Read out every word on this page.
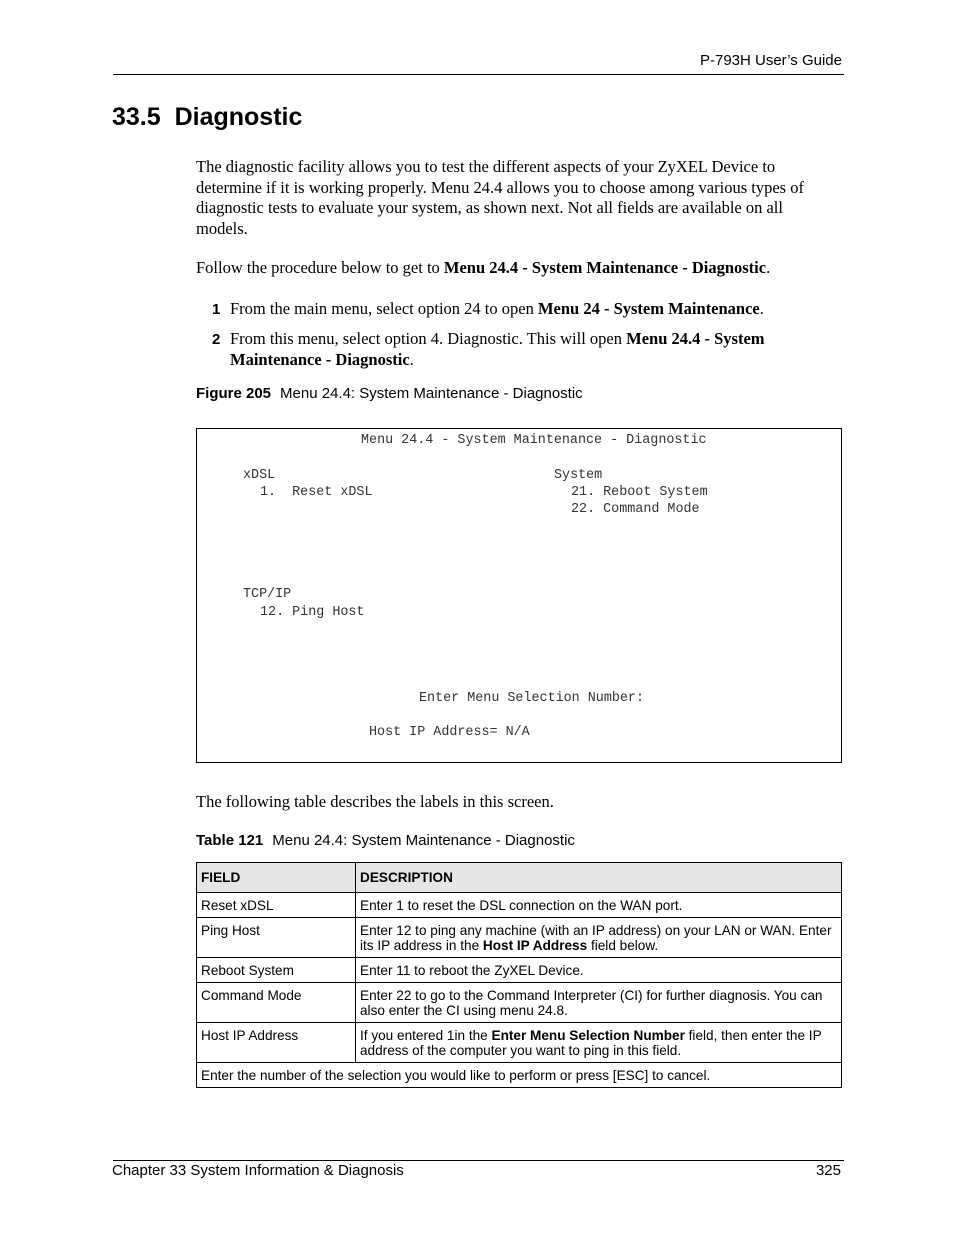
P-793H User’s Guide
33.5 Diagnostic

The diagnostic facility allows you to test the different aspects of your ZyXEL Device to determine if it is working properly. Menu 24.4 allows you to choose among various types of diagnostic tests to evaluate your system, as shown next. Not all fields are available on all models.

Follow the procedure below to get to Menu 24.4 - System Maintenance - Diagnostic.

1 From the main menu, select option 24 to open Menu 24 - System Maintenance.
2 From this menu, select option 4. Diagnostic. This will open Menu 24.4 - System Maintenance - Diagnostic.
Figure 205 Menu 24.4: System Maintenance - Diagnostic
Menu 24.4 - System Maintenance - Diagnostic
xDSL
1.  Reset xDSL
System
21. Reboot System
22. Command Mode
TCP/IP
12. Ping Host
Enter Menu Selection Number:
Host IP Address= N/A
The following table describes the labels in this screen.
Table 121 Menu 24.4: System Maintenance - Diagnostic
FIELD	DESCRIPTION
Reset xDSL	Enter 1 to reset the DSL connection on the WAN port.
Ping Host	Enter 12 to ping any machine (with an IP address) on your LAN or WAN. Enter its IP address in the Host IP Address field below.
Reboot System	Enter 11 to reboot the ZyXEL Device.
Command Mode	Enter 22 to go to the Command Interpreter (CI) for further diagnosis. You can also enter the CI using menu 24.8.
Host IP Address	If you entered 1in the Enter Menu Selection Number field, then enter the IP address of the computer you want to ping in this field.
Enter the number of the selection you would like to perform or press [ESC] to cancel.	
Chapter 33 System Information & Diagnosis	325
